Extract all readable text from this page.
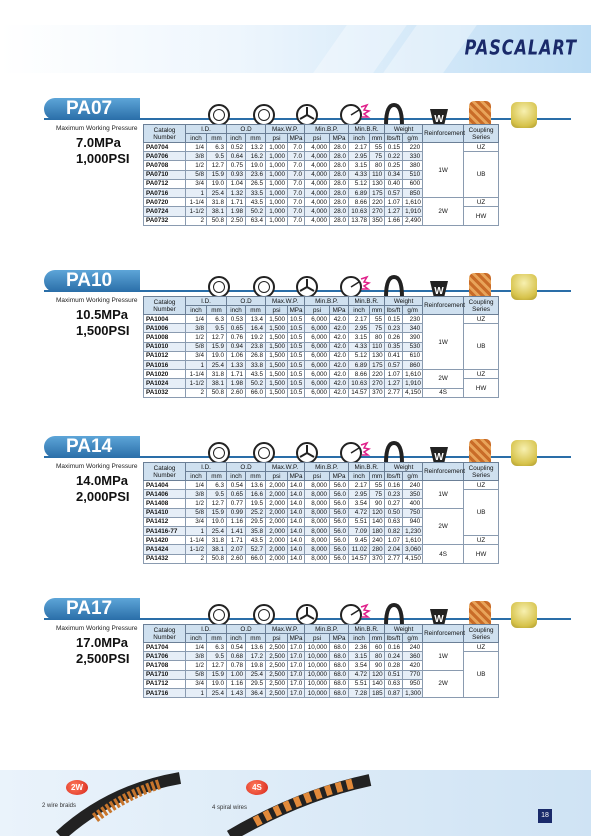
PASCALART
PA07
Maximum Working Pressure
7.0MPa
1,000PSI
W
Catalog Number	I.D.		O.D		Max.W.P.		Min.B.P.		Min.B.R.		Weight		Reinforcement	Coupling Series
	inch	mm	inch	mm	psi	MPa	psi	MPa	inch	mm	lbs/ft	g/m		
PA0704	1/4	6.3	0.52	13.2	1,000	7.0	4,000	28.0	2.17	55	0.15	220	1W	UZ
PA0706	3/8	9.5	0.64	16.2	1,000	7.0	4,000	28.0	2.95	75	0.22	330		UB
PA0708	1/2	12.7	0.75	19.0	1,000	7.0	4,000	28.0	3.15	80	0.25	380		
PA0710	5/8	15.9	0.93	23.6	1,000	7.0	4,000	28.0	4.33	110	0.34	510		
PA0712	3/4	19.0	1.04	26.5	1,000	7.0	4,000	28.0	5.12	130	0.40	600		
PA0716	1	25.4	1.32	33.5	1,000	7.0	4,000	28.0	6.89	175	0.57	850		
PA0720	1-1/4	31.8	1.71	43.5	1,000	7.0	4,000	28.0	8.66	220	1.07	1,610	2W	UZ
PA0724	1-1/2	38.1	1.98	50.2	1,000	7.0	4,000	28.0	10.63	270	1.27	1,910		HW
PA0732	2	50.8	2.50	63.4	1,000	7.0	4,000	28.0	13.78	350	1.66	2,490		
PA10
Maximum Working Pressure
10.5MPa
1,500PSI
W
Catalog Number	I.D.		O.D		Max.W.P.		Min.B.P.		Min.B.R.		Weight		Reinforcement	Coupling Series
	inch	mm	inch	mm	psi	MPa	psi	MPa	inch	mm	lbs/ft	g/m		
PA1004	1/4	6.3	0.53	13.4	1,500	10.5	6,000	42.0	2.17	55	0.15	230	1W	UZ
PA1006	3/8	9.5	0.65	16.4	1,500	10.5	6,000	42.0	2.95	75	0.23	340		UB
PA1008	1/2	12.7	0.76	19.2	1,500	10.5	6,000	42.0	3.15	80	0.26	390		
PA1010	5/8	15.9	0.94	23.8	1,500	10.5	6,000	42.0	4.33	110	0.35	530		
PA1012	3/4	19.0	1.06	26.8	1,500	10.5	6,000	42.0	5.12	130	0.41	610		
PA1016	1	25.4	1.33	33.8	1,500	10.5	6,000	42.0	6.89	175	0.57	860		
PA1020	1-1/4	31.8	1.71	43.5	1,500	10.5	6,000	42.0	8.66	220	1.07	1,610	2W	UZ
PA1024	1-1/2	38.1	1.98	50.2	1,500	10.5	6,000	42.0	10.63	270	1.27	1,910		HW
PA1032	2	50.8	2.60	66.0	1,500	10.5	6,000	42.0	14.57	370	2.77	4,150	4S	
PA14
Maximum Working Pressure
14.0MPa
2,000PSI
W
Catalog Number	I.D.		O.D		Max.W.P.		Min.B.P.		Min.B.R.		Weight		Reinforcement	Coupling Series
	inch	mm	inch	mm	psi	MPa	psi	MPa	inch	mm	lbs/ft	g/m		
PA1404	1/4	6.3	0.54	13.6	2,000	14.0	8,000	56.0	2.17	55	0.16	240	1W	UZ
PA1406	3/8	9.5	0.65	16.6	2,000	14.0	8,000	56.0	2.95	75	0.23	350		UB
PA1408	1/2	12.7	0.77	19.5	2,000	14.0	8,000	56.0	3.54	90	0.27	400		
PA1410	5/8	15.9	0.99	25.2	2,000	14.0	8,000	56.0	4.72	120	0.50	750	2W	
PA1412	3/4	19.0	1.16	29.5	2,000	14.0	8,000	56.0	5.51	140	0.63	940		
PA1416-77	1	25.4	1.41	35.8	2,000	14.0	8,000	56.0	7.09	180	0.82	1,230		
PA1420	1-1/4	31.8	1.71	43.5	2,000	14.0	8,000	56.0	9.45	240	1.07	1,610		UZ
PA1424	1-1/2	38.1	2.07	52.7	2,000	14.0	8,000	56.0	11.02	280	2.04	3,060	4S	HW
PA1432	2	50.8	2.60	66.0	2,000	14.0	8,000	56.0	14.57	370	2.77	4,150		
PA17
Maximum Working Pressure
17.0MPa
2,500PSI
W
Catalog Number	I.D.		O.D		Max.W.P.		Min.B.P.		Min.B.R.		Weight		Reinforcement	Coupling Series
	inch	mm	inch	mm	psi	MPa	psi	MPa	inch	mm	lbs/ft	g/m		
PA1704	1/4	6.3	0.54	13.6	2,500	17.0	10,000	68.0	2.36	60	0.16	240	1W	UZ
PA1706	3/8	9.5	0.68	17.2	2,500	17.0	10,000	68.0	3.15	80	0.24	360		UB
PA1708	1/2	12.7	0.78	19.8	2,500	17.0	10,000	68.0	3.54	90	0.28	420		
PA1710	5/8	15.9	1.00	25.4	2,500	17.0	10,000	68.0	4.72	120	0.51	770	2W	
PA1712	3/4	19.0	1.16	29.5	2,500	17.0	10,000	68.0	5.51	140	0.63	950		
PA1716	1	25.4	1.43	36.4	2,500	17.0	10,000	68.0	7.28	185	0.87	1,300		
2W
2 wire braids
4S
4 spiral wires
18
